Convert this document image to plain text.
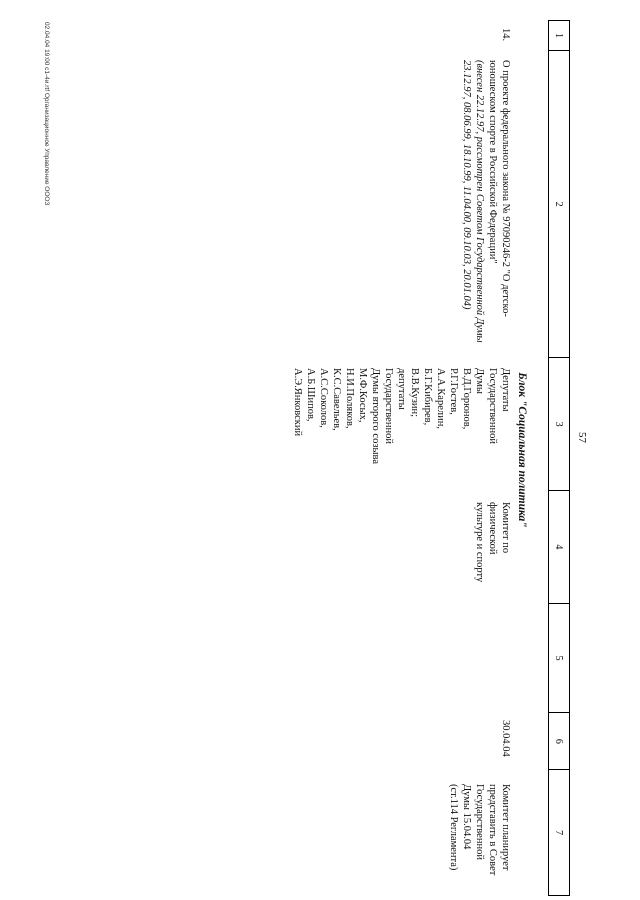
57
1
2
3
4
5
6
7
Блок "Социальная политика"
14.
О проекте федерального закона № 97090246-2 "О детско-юношеском спорте в Российской Федерации"
(внесен 22.12.97, рассмотрен Советом Государственной Думы 23.12.97, 08.06.99, 18.10.99, 11.04.00, 09.10.03, 20.01.04)
Депутаты
Государственной
Думы
В.Д.Горюнов,
Р.Г.Гостев,
А.А.Карелин,
Б.Г.Кибирев,
В.В.Кузин;
депутаты
Государственной
Думы второго созыва
М.Ф.Косых,
Н.И.Поляков,
К.С.Савельев,
А.С.Соколов,
А.Б.Шипов,
А.Э.Янковский
Комитет по
физической
культуре и спорту
30.04.04
Комитет планирует
представить в Совет
Государственной
Думы 15.04.04
(ст.114 Регламента)
02.04.04 19:00 с1-4и.rtf Организационное Управление ОООЗ
